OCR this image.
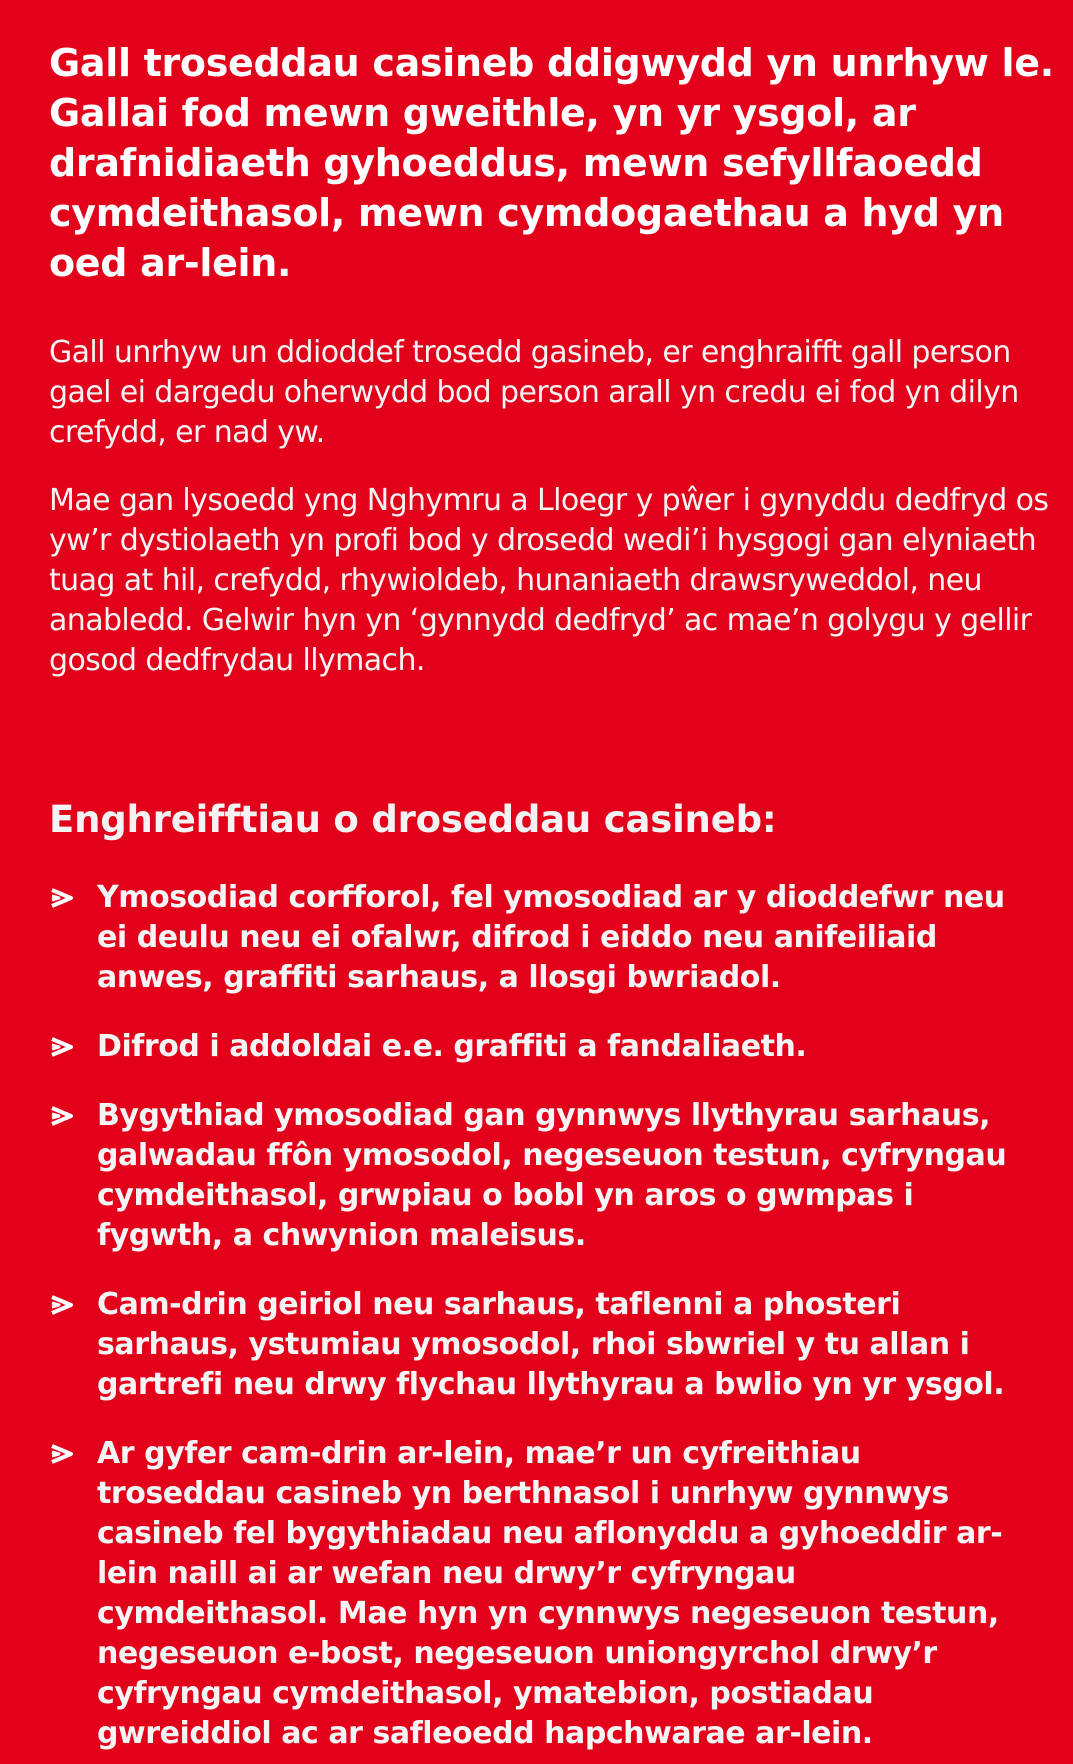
Gall troseddau casineb ddigwydd yn unrhyw le. Gallai fod mewn gweithle, yn yr ysgol, ar drafnidiaeth gyhoeddus, mewn sefyllfaoedd cymdeithasol, mewn cymdogaethau a hyd yn oed ar-lein.

Gall unrhyw un ddioddef trosedd gasineb, er enghraifft gall person gael ei dargedu oherwydd bod person arall yn credu ei fod yn dilyn crefydd, er nad yw.

Mae gan lysoedd yng Nghymru a Lloegr y pŵer i gynyddu dedfryd os yw’r dystiolaeth yn profi bod y drosedd wedi’i hysgogi gan elyniaeth tuag at hil, crefydd, rhywioldeb, hunaniaeth drawsryweddol, neu anabledd. Gelwir hyn yn ‘gynnydd dedfryd’ ac mae’n golygu y gellir gosod dedfrydau llymach.

Enghreifftiau o droseddau casineb:
Ymosodiad corfforol, fel ymosodiad ar y dioddefwr neu ei deulu neu ei ofalwr, difrod i eiddo neu anifeiliaid anwes, graffiti sarhaus, a llosgi bwriadol.
Difrod i addoldai e.e. graffiti a fandaliaeth.
Bygythiad ymosodiad gan gynnwys llythyrau sarhaus, galwadau ffôn ymosodol, negeseuon testun, cyfryngau cymdeithasol, grwpiau o bobl yn aros o gwmpas i fygwth, a chwynion maleisus.
Cam-drin geiriol neu sarhaus, taflenni a phosteri sarhaus, ystumiau ymosodol, rhoi sbwriel y tu allan i gartrefi neu drwy flychau llythyrau a bwlio yn yr ysgol.
Ar gyfer cam-drin ar-lein, mae’r un cyfreithiau troseddau casineb yn berthnasol i unrhyw gynnwys casineb fel bygythiadau neu aflonyddu a gyhoeddir ar-lein naill ai ar wefan neu drwy’r cyfryngau cymdeithasol. Mae hyn yn cynnwys negeseuon testun, negeseuon e-bost, negeseuon uniongyrchol drwy’r cyfryngau cymdeithasol, ymatebion, postiadau gwreiddiol ac ar safleoedd hapchwarae ar-lein.
